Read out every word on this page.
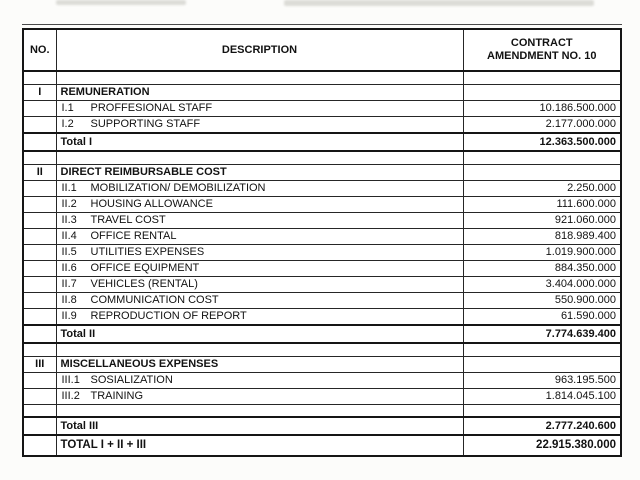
NO.	DESCRIPTION	CONTRACT AMENDMENT NO. 10

I	REMUNERATION	
	I.1 PROFFESIONAL STAFF	10.186.500.000
	I.2 SUPPORTING STAFF	2.177.000.000
	Total I	12.363.500.000

II	DIRECT REIMBURSABLE COST	
	II.1 MOBILIZATION/ DEMOBILIZATION	2.250.000
	II.2 HOUSING ALLOWANCE	111.600.000
	II.3 TRAVEL COST	921.060.000
	II.4 OFFICE RENTAL	818.989.400
	II.5 UTILITIES EXPENSES	1.019.900.000
	II.6 OFFICE EQUIPMENT	884.350.000
	II.7 VEHICLES (RENTAL)	3.404.000.000
	II.8 COMMUNICATION COST	550.900.000
	II.9 REPRODUCTION OF REPORT	61.590.000
	Total II	7.774.639.400

III	MISCELLANEOUS EXPENSES	
	III.1 SOSIALIZATION	963.195.500
	III.2 TRAINING	1.814.045.100

	Total III	2.777.240.600
	TOTAL I + II + III	22.915.380.000
